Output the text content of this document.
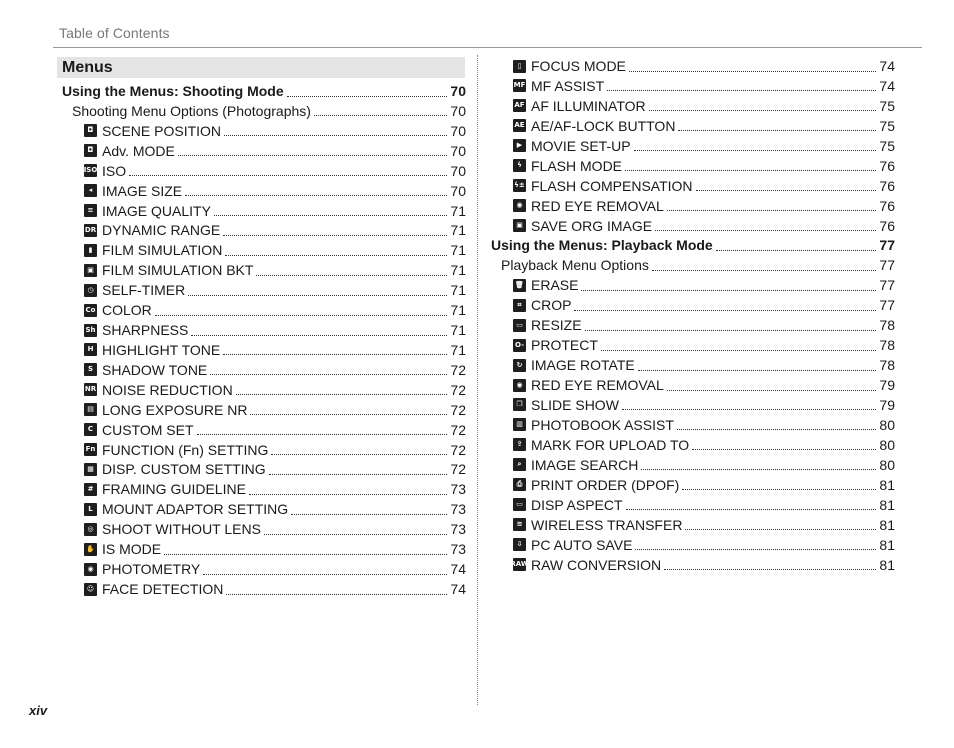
Table of Contents
Menus
Using the Menus: Shooting Mode	70
Shooting Menu Options (Photographs)	70
◘ SCENE POSITION	70
◘ Adv. MODE	70
ISO ISO	70
◂ IMAGE SIZE	70
≡ IMAGE QUALITY	71
DR DYNAMIC RANGE	71
▮ FILM SIMULATION	71
▣ FILM SIMULATION BKT	71
◷ SELF-TIMER	71
Co COLOR	71
Sh SHARPNESS	71
H HIGHLIGHT TONE	71
S SHADOW TONE	72
NR NOISE REDUCTION	72
▤ LONG EXPOSURE NR	72
C CUSTOM SET	72
Fn FUNCTION (Fn) SETTING	72
▦ DISP. CUSTOM SETTING	72
# FRAMING GUIDELINE	73
L MOUNT ADAPTOR SETTING	73
◎ SHOOT WITHOUT LENS	73
✋ IS MODE	73
◉ PHOTOMETRY	74
☺ FACE DETECTION	74
▯ FOCUS MODE	74
MF MF ASSIST	74
AF AF ILLUMINATOR	75
AE AE/AF-LOCK BUTTON	75
▶ MOVIE SET-UP	75
ϟ FLASH MODE	76
ϟ± FLASH COMPENSATION	76
◉ RED EYE REMOVAL	76
▣ SAVE ORG IMAGE	76
Using the Menus: Playback Mode	77
Playback Menu Options	77
🗑 ERASE	77
⌗ CROP	77
▭ RESIZE	78
O- PROTECT	78
↻ IMAGE ROTATE	78
◉ RED EYE REMOVAL	79
❐ SLIDE SHOW	79
▥ PHOTOBOOK ASSIST	80
⇪ MARK FOR UPLOAD TO	80
⌕ IMAGE SEARCH	80
⎙ PRINT ORDER (DPOF)	81
▭ DISP ASPECT	81
≋ WIRELESS TRANSFER	81
⇩ PC AUTO SAVE	81
RAW RAW CONVERSION	81
xiv
